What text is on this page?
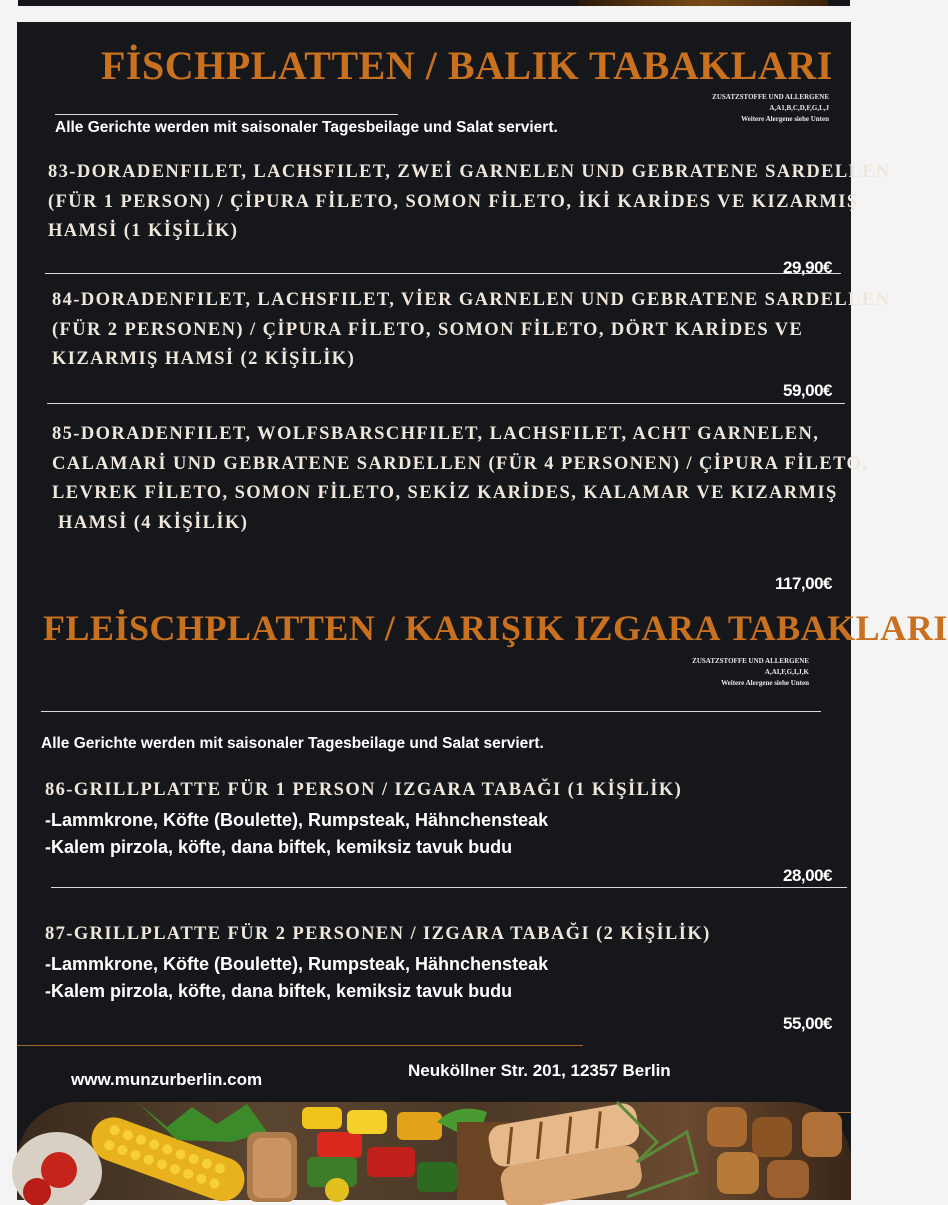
FİSCHPLATTEN / BALIK TABAKLARI
ZUSATZSTOFFE UND ALLERGENE
A,A1,B,C,D,F,G,L,J
Weitere Alergene siehe Unten
Alle Gerichte werden mit saisonaler Tagesbeilage und Salat serviert.
83-DORADENFILET, LACHSFILET, ZWEİ GARNELEN UND GEBRATENE SARDELLEN
(FÜR 1 PERSON) / ÇİPURA FİLETO, SOMON FİLETO, İKİ KARİDES VE KIZARMIŞ
HAMSİ (1 KİŞİLİK)
29,90€
84-DORADENFILET, LACHSFILET, VİER GARNELEN UND GEBRATENE SARDELLEN
(FÜR 2 PERSONEN) / ÇİPURA FİLETO, SOMON FİLETO, DÖRT KARİDES VE
KIZARMIŞ HAMSİ (2 KİŞİLİK)
59,00€
85-DORADENFILET, WOLFSBARSCHFILET, LACHSFILET, ACHT GARNELEN,
CALAMARİ UND GEBRATENE SARDELLEN (FÜR 4 PERSONEN) / ÇİPURA FİLETO,
LEVREK FİLETO, SOMON FİLETO, SEKİZ KARİDES, KALAMAR VE KIZARMIŞ
HAMSİ (4 KİŞİLİK)
117,00€
FLEİSCHPLATTEN / KARIŞIK IZGARA TABAKLARI
ZUSATZSTOFFE UND ALLERGENE
A,AI,F,G,I,J,K
Weitere Alergene siehe Unten
Alle Gerichte werden mit saisonaler Tagesbeilage und Salat serviert.
86-GRILLPLATTE FÜR 1 PERSON / IZGARA TABAĞI (1 KİŞİLİK)
-Lammkrone, Köfte (Boulette), Rumpsteak, Hähnchensteak
-Kalem pirzola, köfte, dana biftek, kemiksiz tavuk budu
28,00€
87-GRILLPLATTE FÜR 2 PERSONEN / IZGARA TABAĞI (2 KİŞİLİK)
-Lammkrone, Köfte (Boulette), Rumpsteak, Hähnchensteak
-Kalem pirzola, köfte, dana biftek, kemiksiz tavuk budu
55,00€
www.munzurberlin.com	Neuköllner Str. 201, 12357 Berlin
